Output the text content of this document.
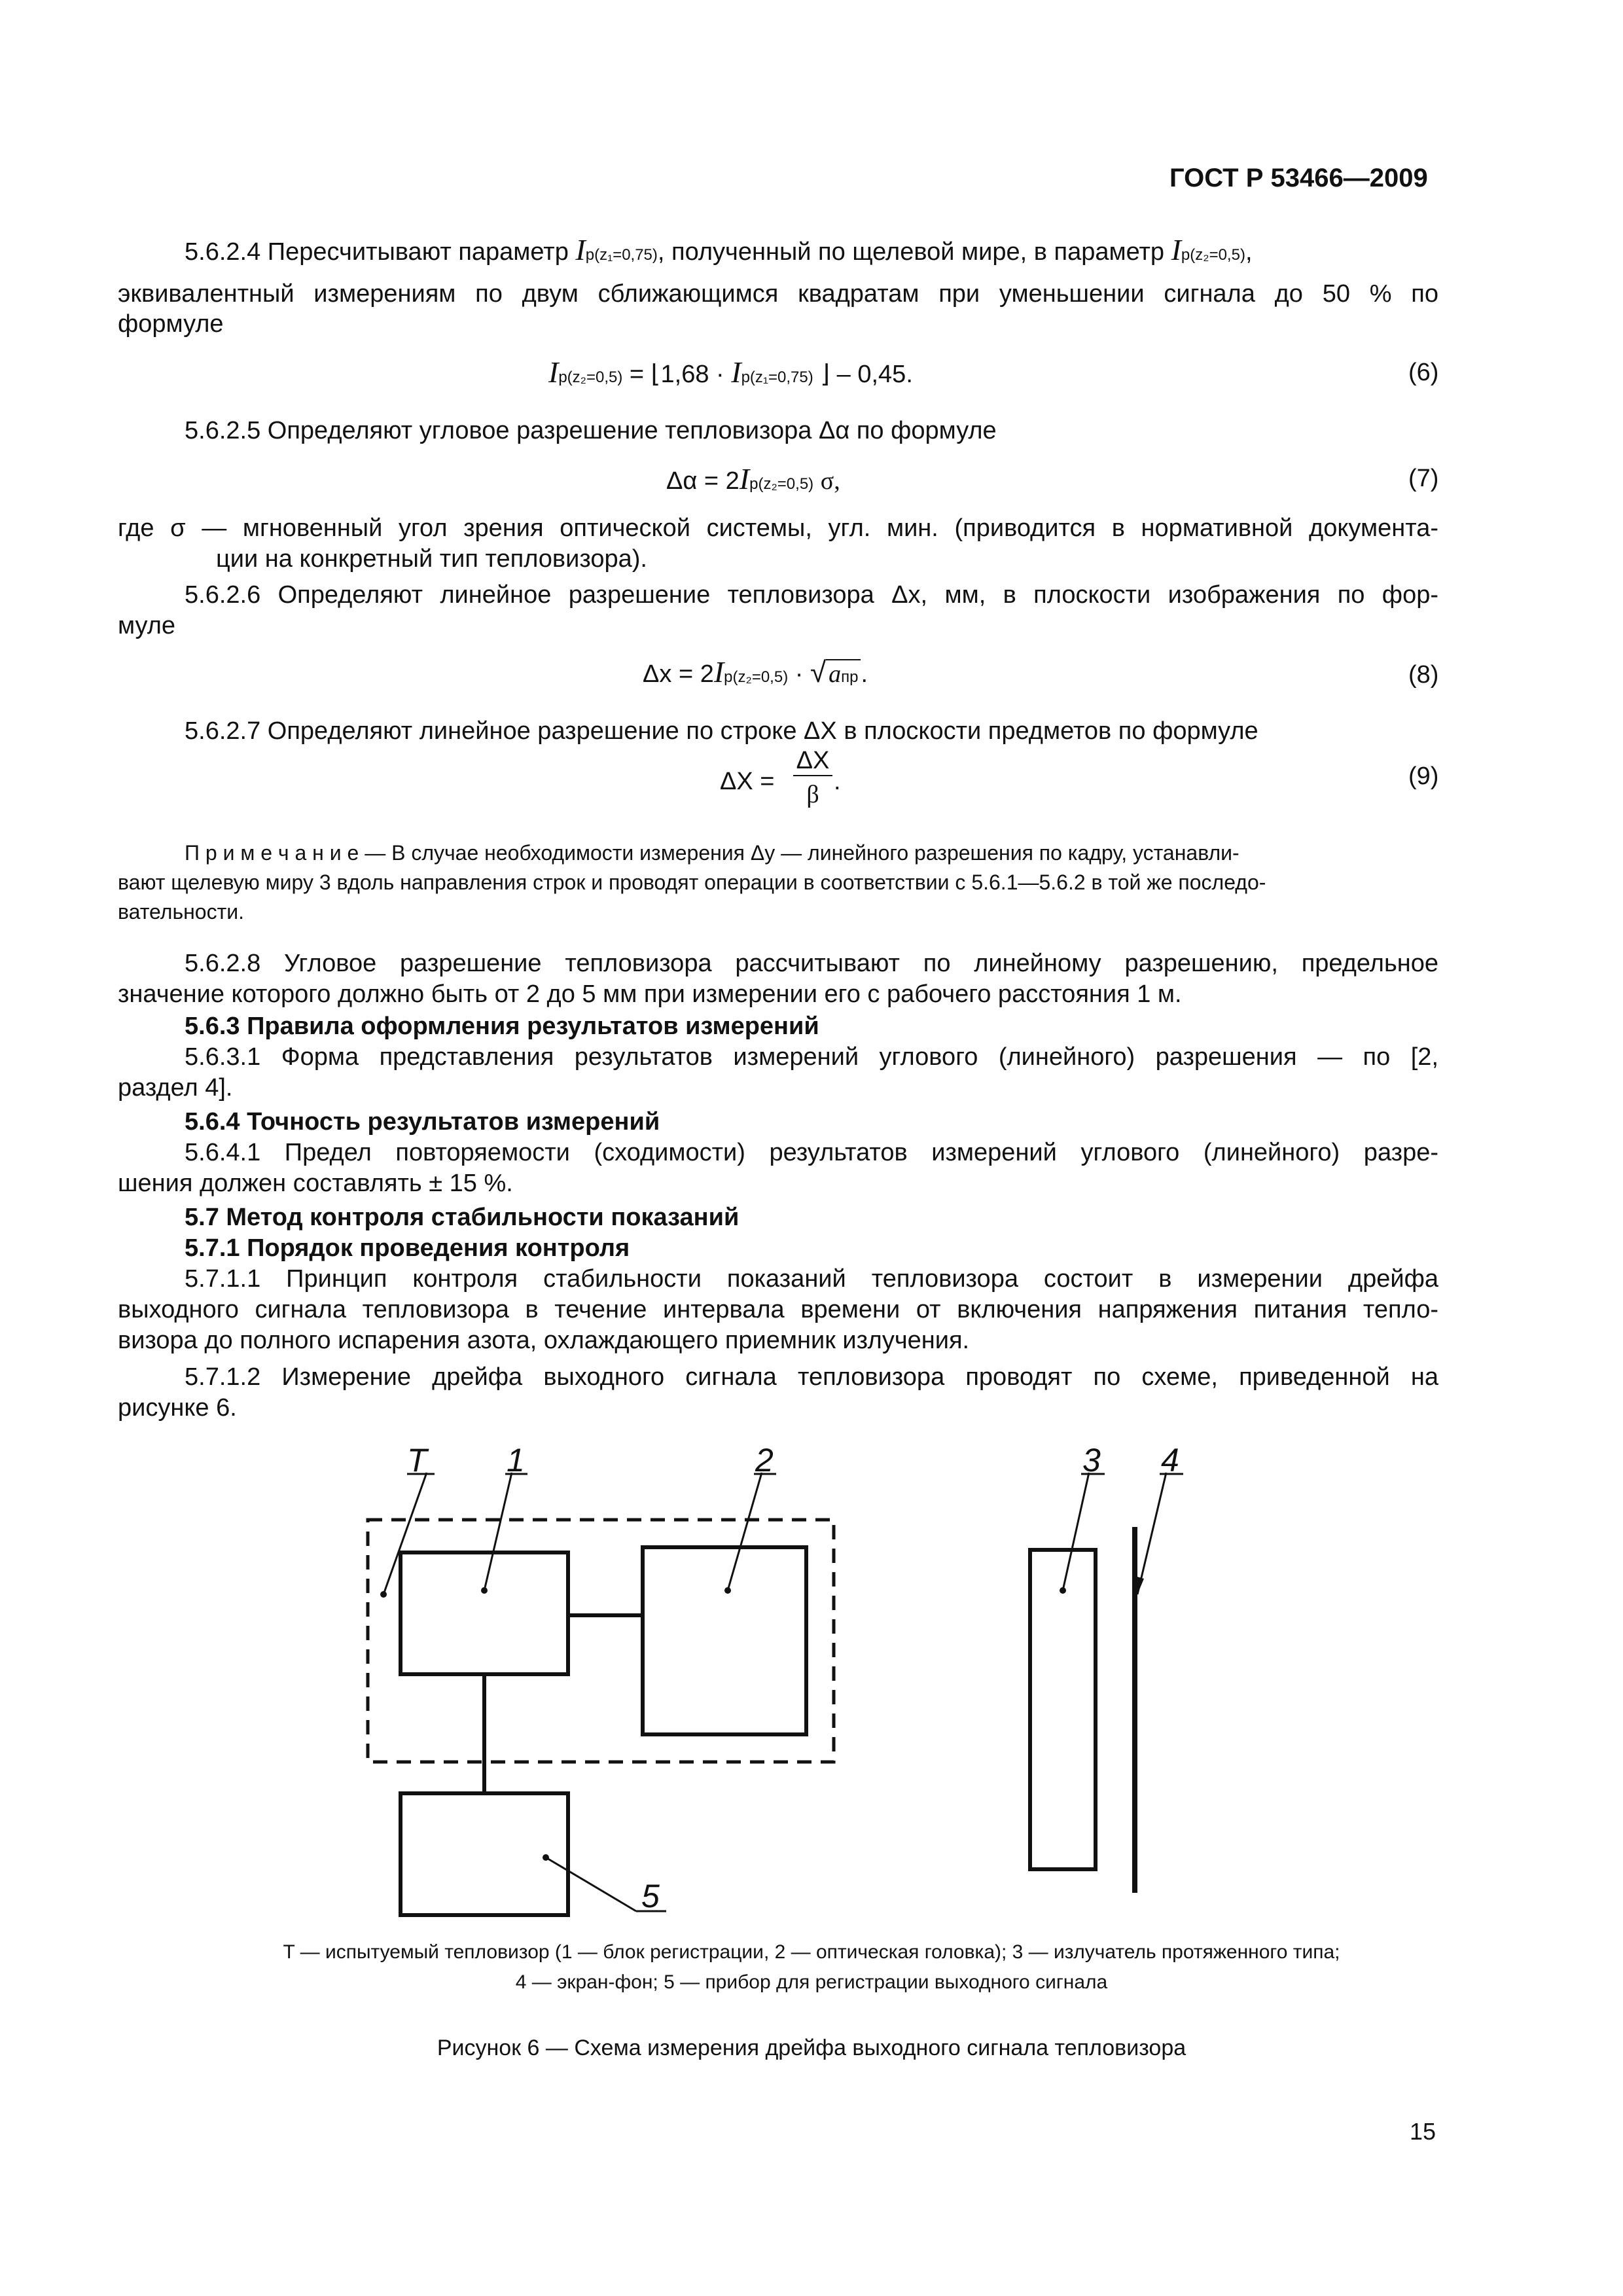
ГОСТ Р 53466—2009
5.6.2.4 Пересчитывают параметр Ip(z₁=0,75), полученный по щелевой мире, в параметр Ip(z₂=0,5),
эквивалентный измерениям по двум сближающимся квадратам при уменьшении сигнала до 50 % по
формуле
Ip(z₂=0,5) = ⌊1,68 · Ip(z₁=0,75) ⌋ – 0,45.	(6)
5.6.2.5 Определяют угловое разрешение тепловизора Δα по формуле
Δα = 2Ip(z₂=0,5) σ,	(7)
где σ — мгновенный угол зрения оптической системы, угл. мин. (приводится в нормативной документа-
ции на конкретный тип тепловизора).
5.6.2.6 Определяют линейное разрешение тепловизора Δx, мм, в плоскости изображения по фор-
муле
Δx = 2Ip(z₂=0,5) · √ aпр .	(8)
5.6.2.7 Определяют линейное разрешение по строке ΔX в плоскости предметов по формуле
ΔX =
ΔX
β .	(9)
П р и м е ч а н и е — В случае необходимости измерения Δy — линейного разрешения по кадру, устанавли-
вают щелевую миру 3 вдоль направления строк и проводят операции в соответствии с 5.6.1—5.6.2 в той же последо-
вательности.
5.6.2.8 Угловое разрешение тепловизора рассчитывают по линейному разрешению, предельное
значение которого должно быть от 2 до 5 мм при измерении его с рабочего расстояния 1 м.
5.6.3 Правила оформления результатов измерений
5.6.3.1 Форма представления результатов измерений углового (линейного) разрешения — по [2,
раздел 4].
5.6.4 Точность результатов измерений
5.6.4.1 Предел повторяемости (сходимости) результатов измерений углового (линейного) разре-
шения должен составлять ± 15 %.
5.7 Метод контроля стабильности показаний
5.7.1 Порядок проведения контроля
5.7.1.1 Принцип контроля стабильности показаний тепловизора состоит в измерении дрейфа
выходного сигнала тепловизора в течение интервала времени от включения напряжения питания тепло-
визора до полного испарения азота, охлаждающего приемник излучения.
5.7.1.2 Измерение дрейфа выходного сигнала тепловизора проводят по схеме, приведенной на
рисунке 6.
T 1	2	3 4
5
T — испытуемый тепловизор (1 — блок регистрации, 2 — оптическая головка); 3 — излучатель протяженного типа;
4 — экран-фон; 5 — прибор для регистрации выходного сигнала
Рисунок 6 — Схема измерения дрейфа выходного сигнала тепловизора
15
